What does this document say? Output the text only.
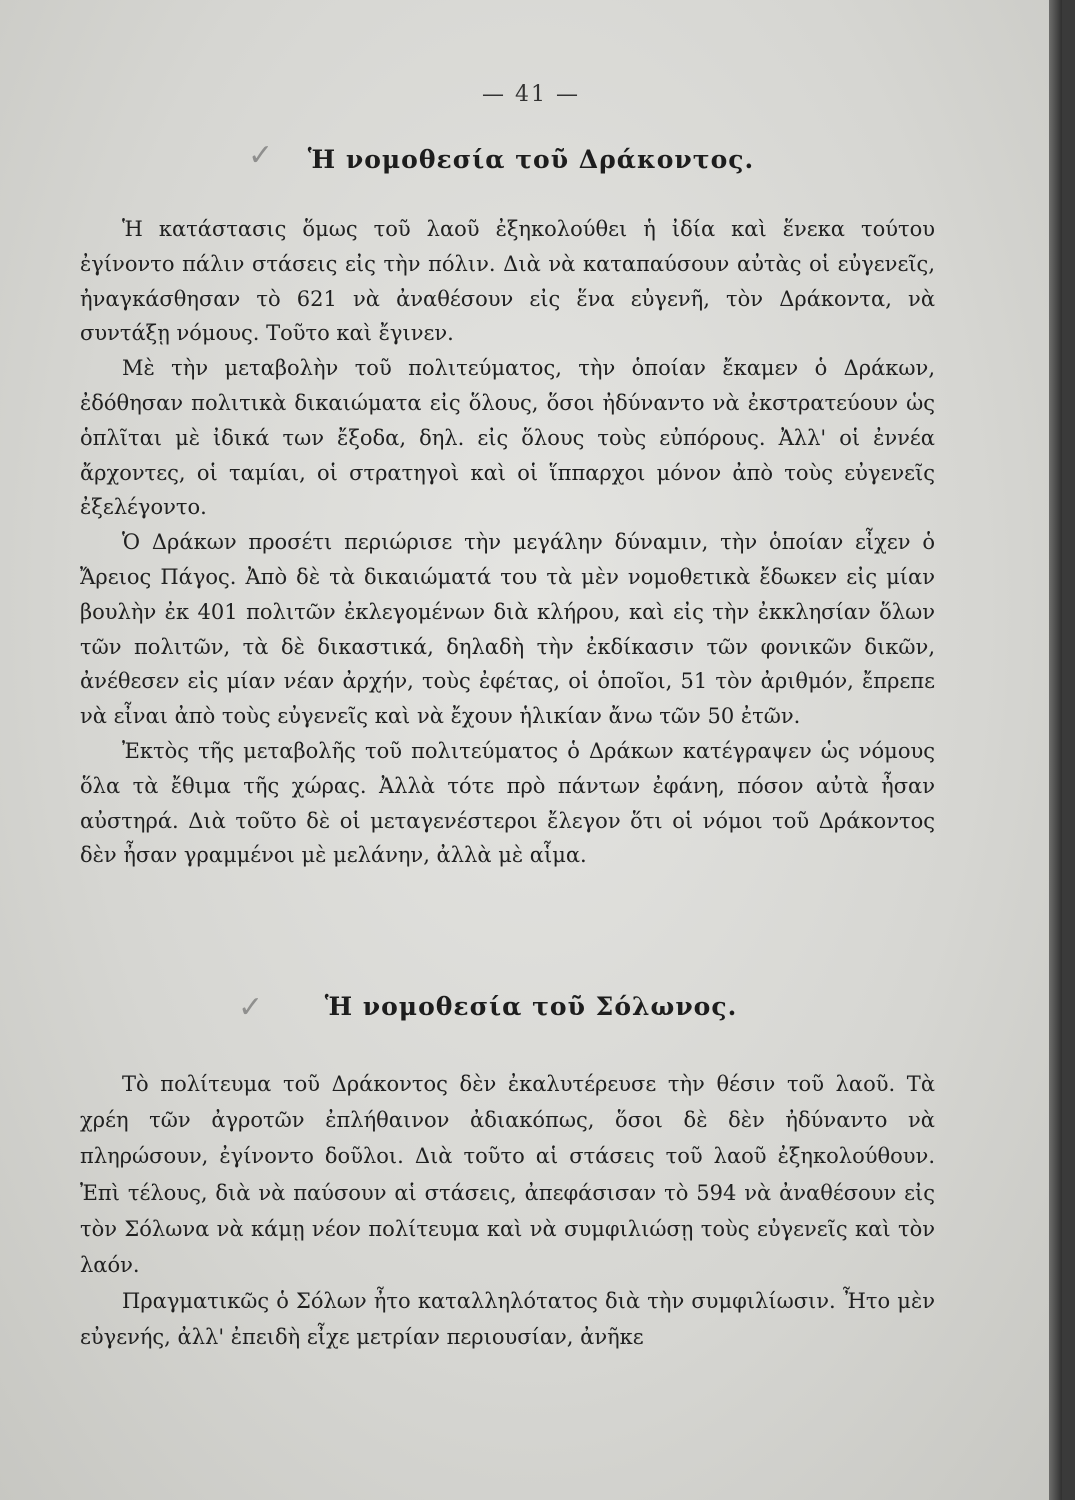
— 41 —
✓	Ἡ νομοθεσία τοῦ Δράκοντος.

Ἡ κατάστασις ὅμως τοῦ λαοῦ ἐξηκολούθει ἡ ἰδία καὶ ἕνεκα τούτου ἐγίνοντο πάλιν στάσεις εἰς τὴν πόλιν. Διὰ νὰ καταπαύσουν αὐτὰς οἱ εὐγενεῖς, ἠναγκάσθησαν τὸ 621 νὰ ἀναθέσουν εἰς ἕνα εὐγενῆ, τὸν Δράκοντα, νὰ συντάξῃ νόμους. Τοῦτο καὶ ἔγινεν.

Μὲ τὴν μεταβολὴν τοῦ πολιτεύματος, τὴν ὁποίαν ἔκαμεν ὁ Δράκων, ἐδόθησαν πολιτικὰ δικαιώματα εἰς ὅλους, ὅσοι ἠδύναντο νὰ ἐκστρατεύουν ὡς ὁπλῖται μὲ ἰδικά των ἔξοδα, δηλ. εἰς ὅλους τοὺς εὐπόρους. Ἀλλ' οἱ ἐννέα ἄρχοντες, οἱ ταμίαι, οἱ στρατηγοὶ καὶ οἱ ἵππαρχοι μόνον ἀπὸ τοὺς εὐγενεῖς ἐξελέγοντο.

Ὁ Δράκων προσέτι περιώρισε τὴν μεγάλην δύναμιν, τὴν ὁποίαν εἶχεν ὁ Ἄρειος Πάγος. Ἀπὸ δὲ τὰ δικαιώματά του τὰ μὲν νομοθετικὰ ἔδωκεν εἰς μίαν βουλὴν ἐκ 401 πολιτῶν ἐκλεγομένων διὰ κλήρου, καὶ εἰς τὴν ἐκκλησίαν ὅλων τῶν πολιτῶν, τὰ δὲ δικαστικά, δηλαδὴ τὴν ἐκδίκασιν τῶν φονικῶν δικῶν, ἀνέθεσεν εἰς μίαν νέαν ἀρχήν, τοὺς ἐφέτας, οἱ ὁποῖοι, 51 τὸν ἀριθμόν, ἔπρεπε νὰ εἶναι ἀπὸ τοὺς εὐγενεῖς καὶ νὰ ἔχουν ἡλικίαν ἄνω τῶν 50 ἐτῶν.

Ἐκτὸς τῆς μεταβολῆς τοῦ πολιτεύματος ὁ Δράκων κατέγραψεν ὡς νόμους ὅλα τὰ ἔθιμα τῆς χώρας. Ἀλλὰ τότε πρὸ πάντων ἐφάνη, πόσον αὐτὰ ἦσαν αὐστηρά. Διὰ τοῦτο δὲ οἱ μεταγενέστεροι ἔλεγον ὅτι οἱ νόμοι τοῦ Δράκοντος δὲν ἦσαν γραμμένοι μὲ μελάνην, ἀλλὰ μὲ αἷμα.

✓	Ἡ νομοθεσία τοῦ Σόλωνος.

Τὸ πολίτευμα τοῦ Δράκοντος δὲν ἐκαλυτέρευσε τὴν θέσιν τοῦ λαοῦ. Τὰ χρέη τῶν ἀγροτῶν ἐπλήθαινον ἀδιακόπως, ὅσοι δὲ δὲν ἠδύναντο νὰ πληρώσουν, ἐγίνοντο δοῦλοι. Διὰ τοῦτο αἱ στάσεις τοῦ λαοῦ ἐξηκολούθουν. Ἐπὶ τέλους, διὰ νὰ παύσουν αἱ στάσεις, ἀπεφάσισαν τὸ 594 νὰ ἀναθέσουν εἰς τὸν Σόλωνα νὰ κάμῃ νέον πολίτευμα καὶ νὰ συμφιλιώσῃ τοὺς εὐγενεῖς καὶ τὸν λαόν.

Πραγματικῶς ὁ Σόλων ἦτο καταλληλότατος διὰ τὴν συμφιλίωσιν. Ἦτο μὲν εὐγενής, ἀλλ' ἐπειδὴ εἶχε μετρίαν περιουσίαν, ἀνῆκε
